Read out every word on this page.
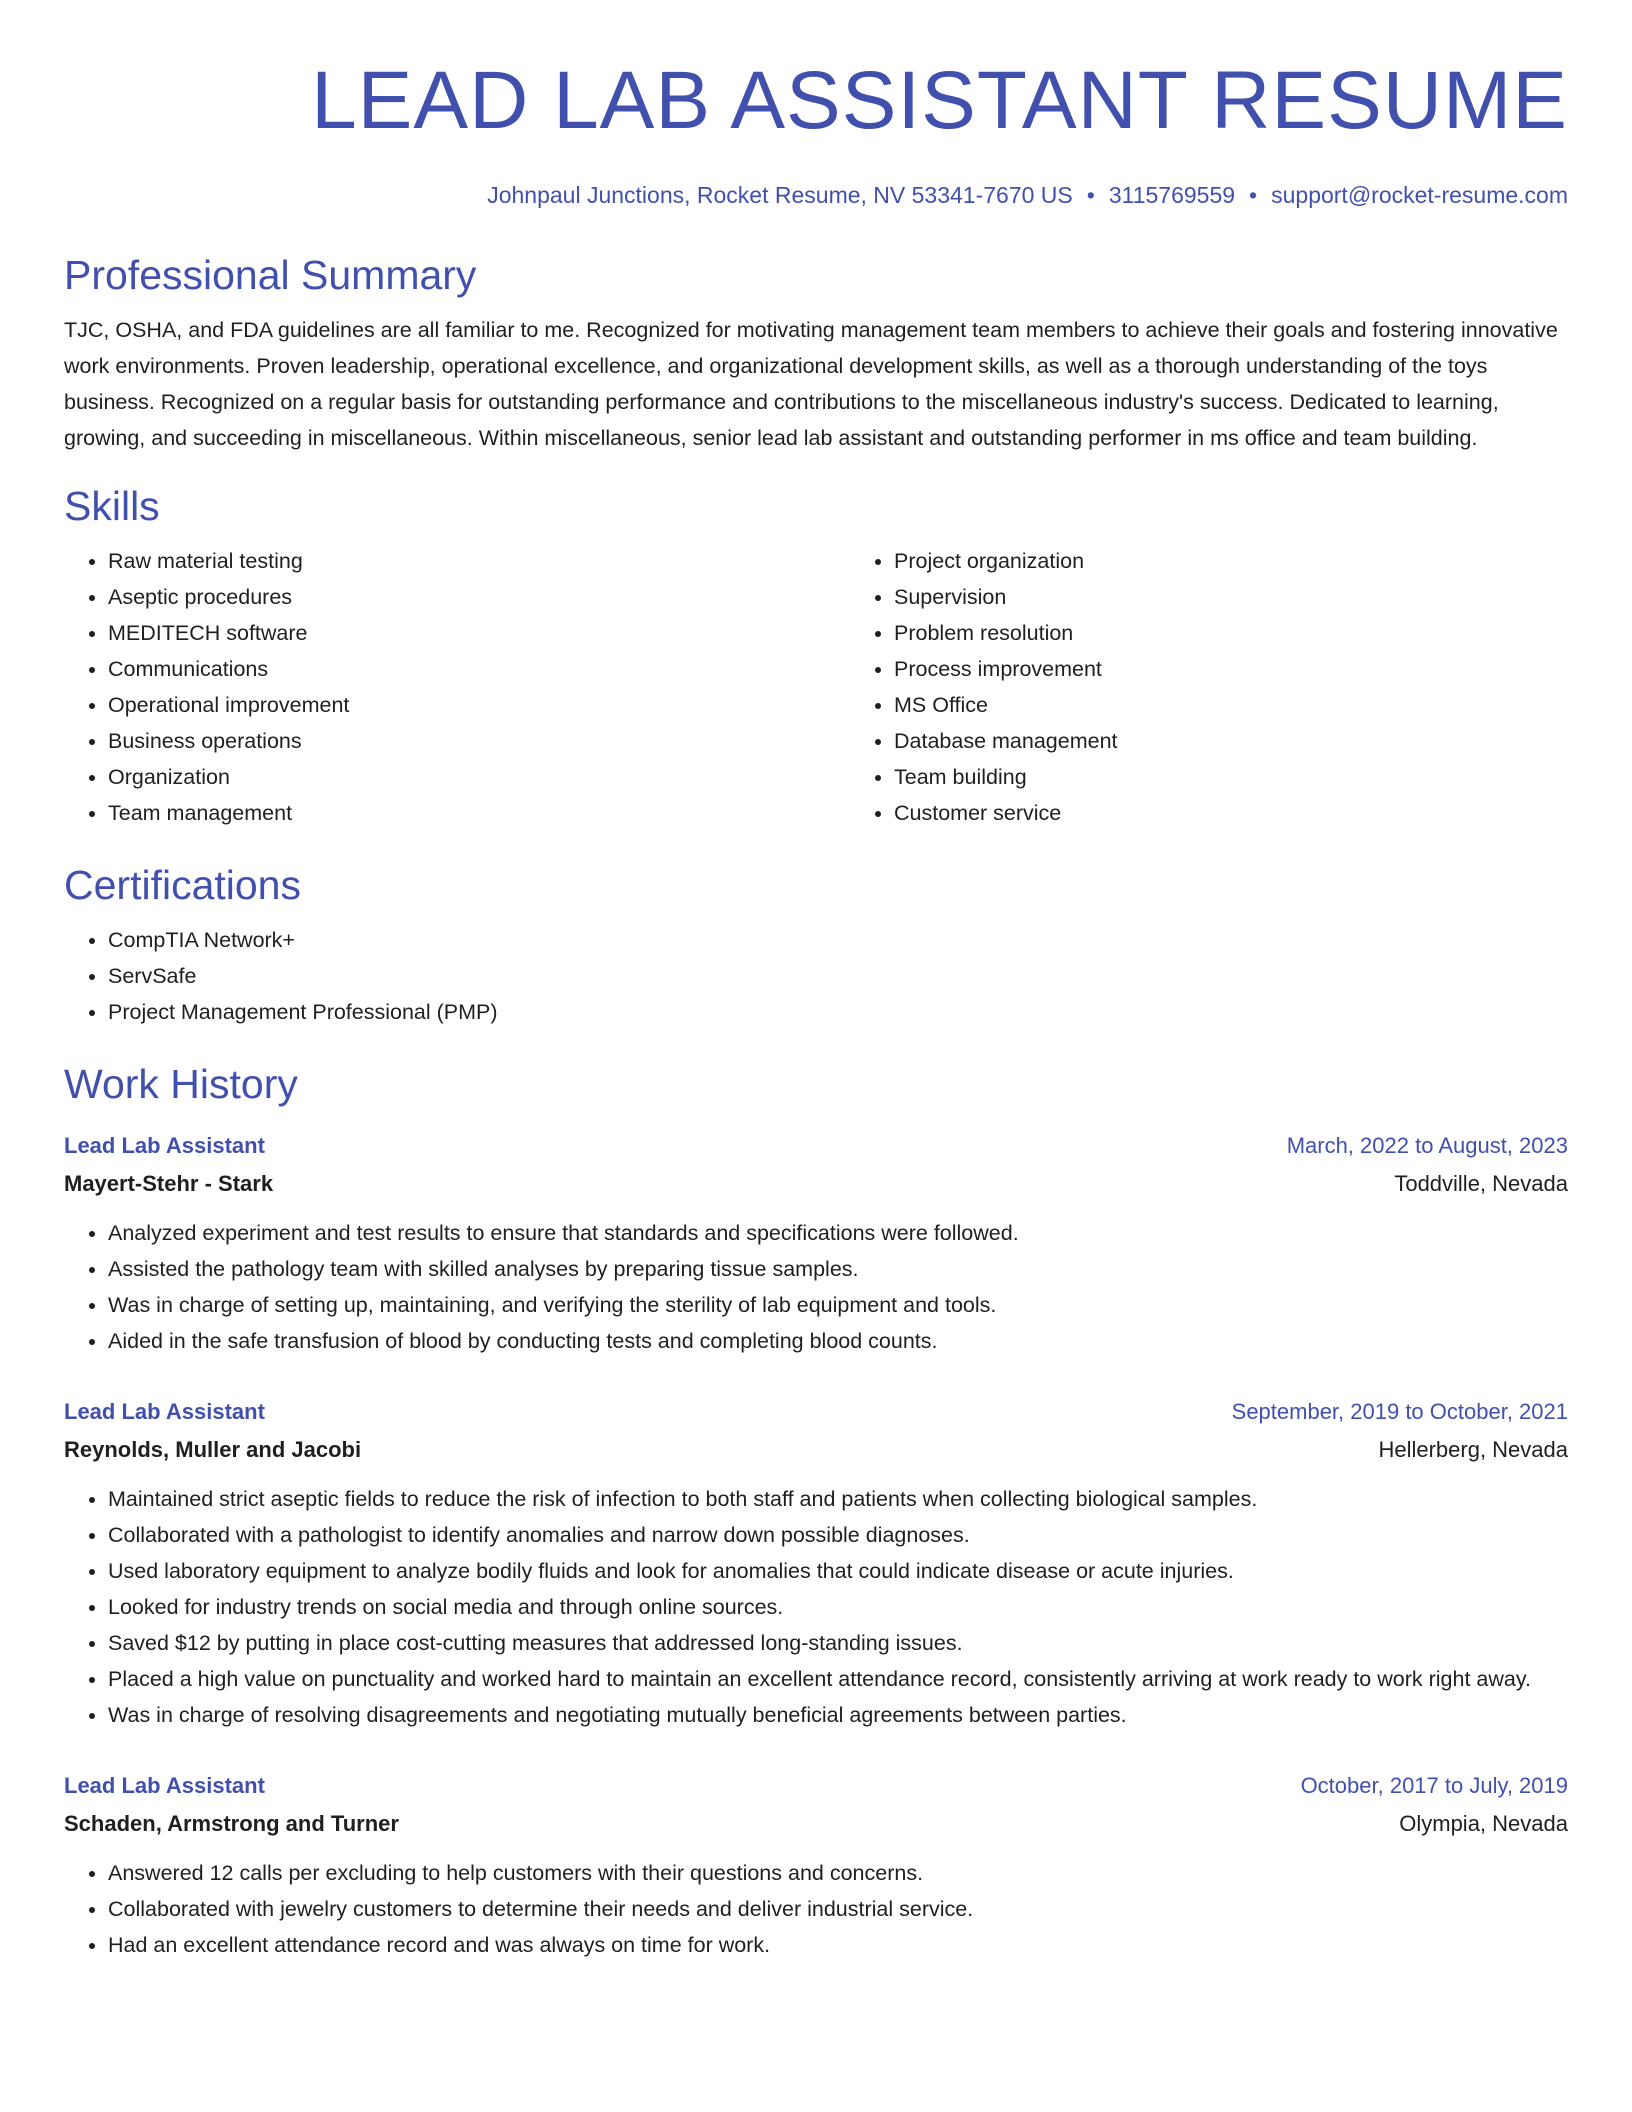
LEAD LAB ASSISTANT RESUME
Johnpaul Junctions, Rocket Resume, NV 53341-7670 US • 3115769559 • support@rocket-resume.com
Professional Summary
TJC, OSHA, and FDA guidelines are all familiar to me. Recognized for motivating management team members to achieve their goals and fostering innovative work environments. Proven leadership, operational excellence, and organizational development skills, as well as a thorough understanding of the toys business. Recognized on a regular basis for outstanding performance and contributions to the miscellaneous industry's success. Dedicated to learning, growing, and succeeding in miscellaneous. Within miscellaneous, senior lead lab assistant and outstanding performer in ms office and team building.
Skills
• Raw material testing
• Aseptic procedures
• MEDITECH software
• Communications
• Operational improvement
• Business operations
• Organization
• Team management
• Project organization
• Supervision
• Problem resolution
• Process improvement
• MS Office
• Database management
• Team building
• Customer service
Certifications
• CompTIA Network+
• ServSafe
• Project Management Professional (PMP)
Work History
Lead Lab Assistant	March, 2022 to August, 2023
Mayert-Stehr - Stark	Toddville, Nevada
• Analyzed experiment and test results to ensure that standards and specifications were followed.
• Assisted the pathology team with skilled analyses by preparing tissue samples.
• Was in charge of setting up, maintaining, and verifying the sterility of lab equipment and tools.
• Aided in the safe transfusion of blood by conducting tests and completing blood counts.
Lead Lab Assistant	September, 2019 to October, 2021
Reynolds, Muller and Jacobi	Hellerberg, Nevada
• Maintained strict aseptic fields to reduce the risk of infection to both staff and patients when collecting biological samples.
• Collaborated with a pathologist to identify anomalies and narrow down possible diagnoses.
• Used laboratory equipment to analyze bodily fluids and look for anomalies that could indicate disease or acute injuries.
• Looked for industry trends on social media and through online sources.
• Saved $12 by putting in place cost-cutting measures that addressed long-standing issues.
• Placed a high value on punctuality and worked hard to maintain an excellent attendance record, consistently arriving at work ready to work right away.
• Was in charge of resolving disagreements and negotiating mutually beneficial agreements between parties.
Lead Lab Assistant	October, 2017 to July, 2019
Schaden, Armstrong and Turner	Olympia, Nevada
• Answered 12 calls per excluding to help customers with their questions and concerns.
• Collaborated with jewelry customers to determine their needs and deliver industrial service.
• Had an excellent attendance record and was always on time for work.
